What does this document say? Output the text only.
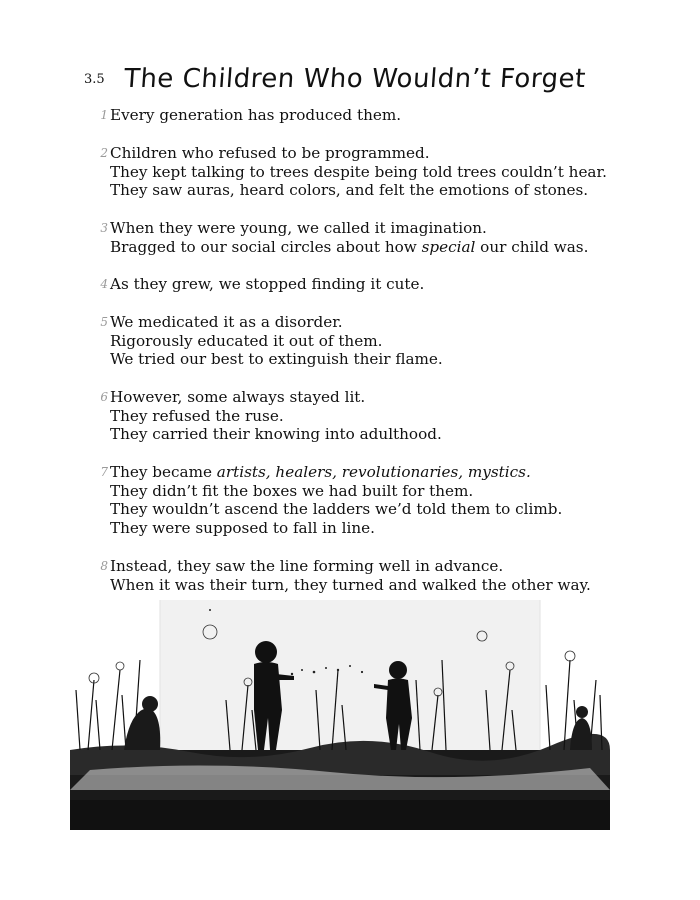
3.5 The Children Who Wouldn’t Forget
1 Every generation has produced them.
2 Children who refused to be programmed.
They kept talking to trees despite being told trees couldn’t hear.
They saw auras, heard colors, and felt the emotions of stones.
3 When they were young, we called it imagination.
Bragged to our social circles about how special our child was.
4 As they grew, we stopped finding it cute.
5 We medicated it as a disorder.
Rigorously educated it out of them.
We tried our best to extinguish their flame.
6 However, some always stayed lit.
They refused the ruse.
They carried their knowing into adulthood.
7 They became artists, healers, revolutionaries, mystics.
They didn’t fit the boxes we had built for them.
They wouldn’t ascend the ladders we’d told them to climb.
They were supposed to fall in line.
8 Instead, they saw the line forming well in advance.
When it was their turn, they turned and walked the other way.
